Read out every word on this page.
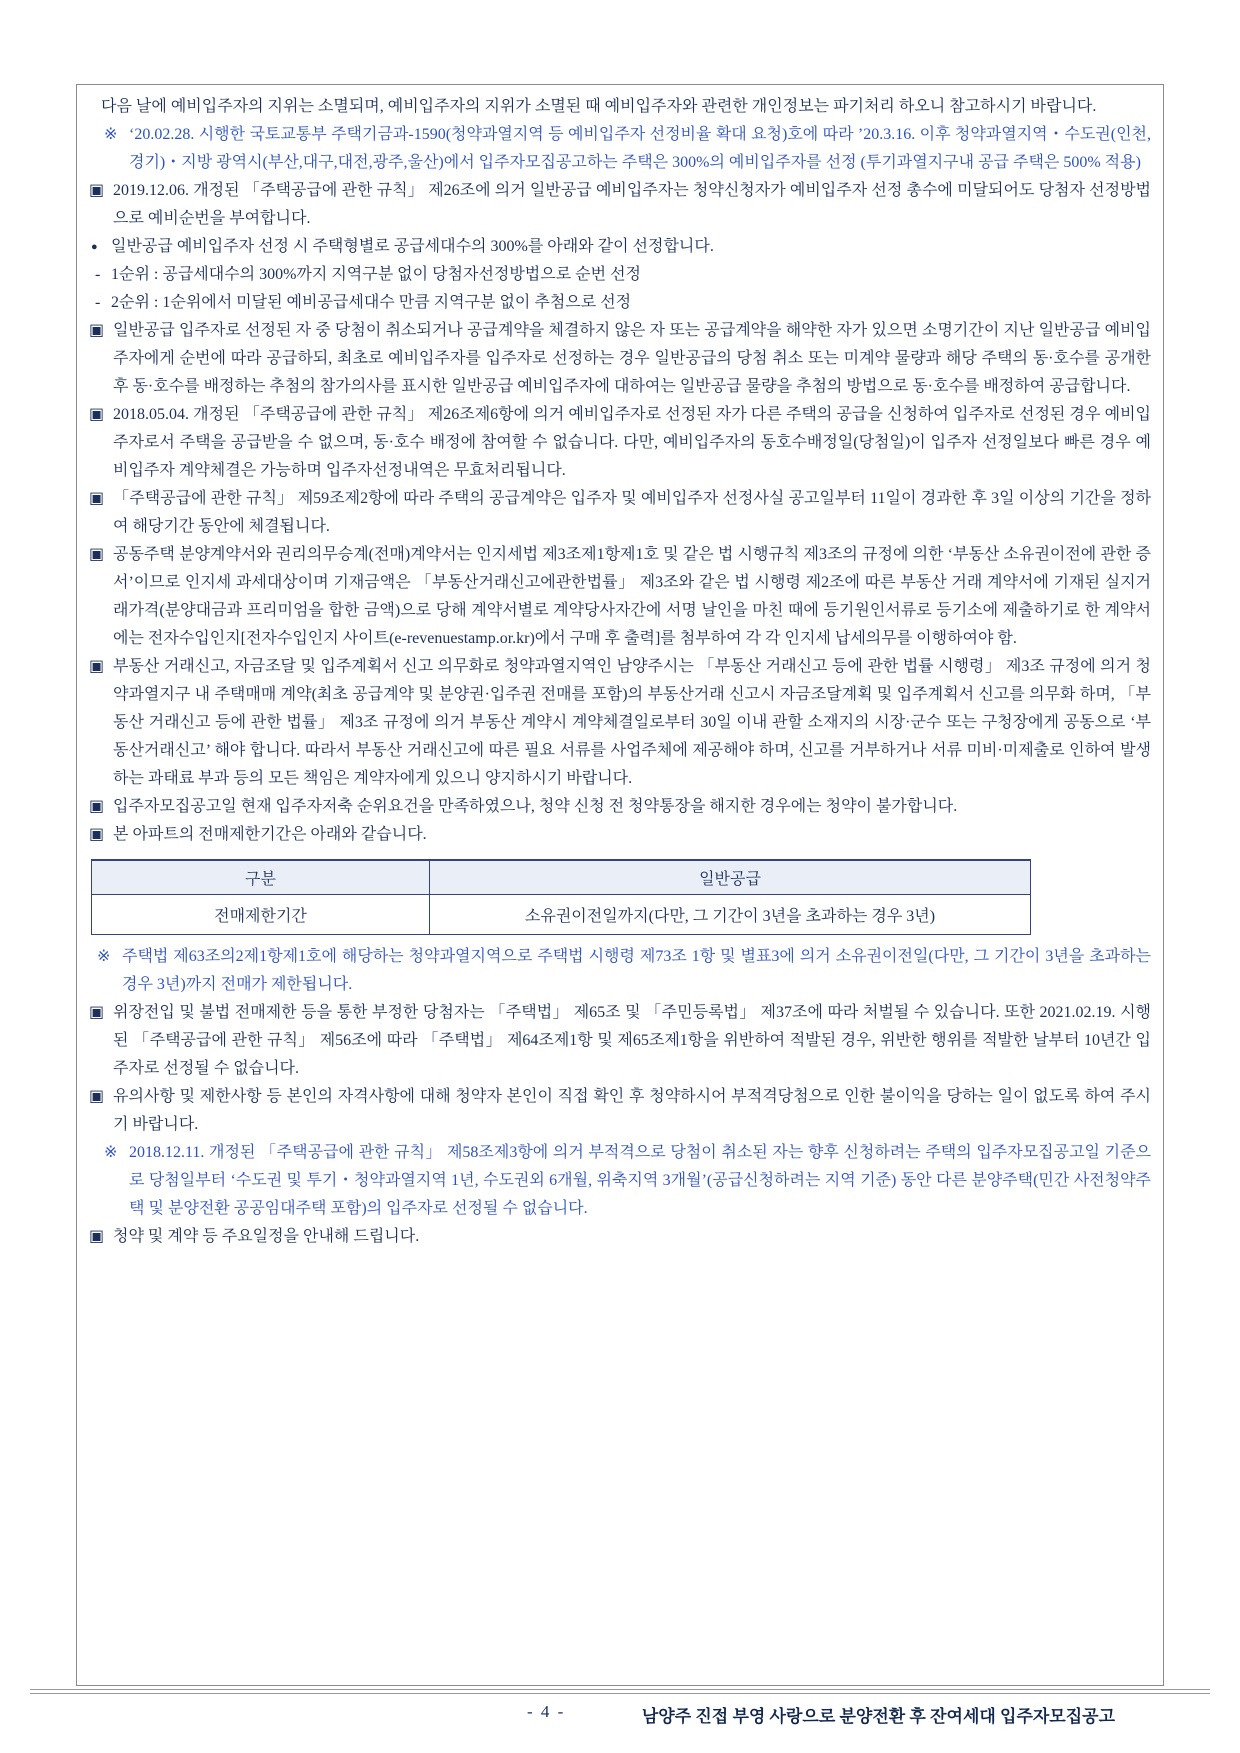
다음 날에 예비입주자의 지위는 소멸되며, 예비입주자의 지위가 소멸된 때 예비입주자와 관련한 개인정보는 파기처리 하오니 참고하시기 바랍니다.
※ ‘20.02.28. 시행한 국토교통부 주택기금과-1590(청약과열지역 등 예비입주자 선정비율 확대 요청)호에 따라 ’20.3.16. 이후 청약과열지역・수도권(인천, 경기)・지방 광역시(부산,대구,대전,광주,울산)에서 입주자모집공고하는 주택은 300%의 예비입주자를 선정 (투기과열지구내 공급 주택은 500% 적용)
▣ 2019.12.06. 개정된 「주택공급에 관한 규칙」 제26조에 의거 일반공급 예비입주자는 청약신청자가 예비입주자 선정 총수에 미달되어도 당첨자 선정방법으로 예비순번을 부여합니다.
● 일반공급 예비입주자 선정 시 주택형별로 공급세대수의 300%를 아래와 같이 선정합니다.
- 1순위 : 공급세대수의 300%까지 지역구분 없이 당첨자선정방법으로 순번 선정
- 2순위 : 1순위에서 미달된 예비공급세대수 만큼 지역구분 없이 추첨으로 선정
▣ 일반공급 입주자로 선정된 자 중 당첨이 취소되거나 공급계약을 체결하지 않은 자 또는 공급계약을 해약한 자가 있으면 소명기간이 지난 일반공급 예비입주자에게 순번에 따라 공급하되, 최초로 예비입주자를 입주자로 선정하는 경우 일반공급의 당첨 취소 또는 미계약 물량과 해당 주택의 동·호수를 공개한 후 동·호수를 배정하는 추첨의 참가의사를 표시한 일반공급 예비입주자에 대하여는 일반공급 물량을 추첨의 방법으로 동·호수를 배정하여 공급합니다.
▣ 2018.05.04. 개정된 「주택공급에 관한 규칙」 제26조제6항에 의거 예비입주자로 선정된 자가 다른 주택의 공급을 신청하여 입주자로 선정된 경우 예비입주자로서 주택을 공급받을 수 없으며, 동·호수 배정에 참여할 수 없습니다. 다만, 예비입주자의 동호수배정일(당첨일)이 입주자 선정일보다 빠른 경우 예비입주자 계약체결은 가능하며 입주자선정내역은 무효처리됩니다.
▣ 「주택공급에 관한 규칙」 제59조제2항에 따라 주택의 공급계약은 입주자 및 예비입주자 선정사실 공고일부터 11일이 경과한 후 3일 이상의 기간을 정하여 해당기간 동안에 체결됩니다.
▣ 공동주택 분양계약서와 권리의무승계(전매)계약서는 인지세법 제3조제1항제1호 및 같은 법 시행규칙 제3조의 규정에 의한 ‘부동산 소유권이전에 관한 증서’이므로 인지세 과세대상이며 기재금액은 「부동산거래신고에관한법률」 제3조와 같은 법 시행령 제2조에 따른 부동산 거래 계약서에 기재된 실지거래가격(분양대금과 프리미엄을 합한 금액)으로 당해 계약서별로 계약당사자간에 서명 날인을 마친 때에 등기원인서류로 등기소에 제출하기로 한 계약서에는 전자수입인지[전자수입인지 사이트(e-revenuestamp.or.kr)에서 구매 후 출력]를 첨부하여 각 각 인지세 납세의무를 이행하여야 함.
▣ 부동산 거래신고, 자금조달 및 입주계획서 신고 의무화로 청약과열지역인 남양주시는 「부동산 거래신고 등에 관한 법률 시행령」 제3조 규정에 의거 청약과열지구 내 주택매매 계약(최초 공급계약 및 분양권·입주권 전매를 포함)의 부동산거래 신고시 자금조달계획 및 입주계획서 신고를 의무화 하며, 「부동산 거래신고 등에 관한 법률」 제3조 규정에 의거 부동산 계약시 계약체결일로부터 30일 이내 관할 소재지의 시장·군수 또는 구청장에게 공동으로 ‘부동산거래신고’ 해야 합니다. 따라서 부동산 거래신고에 따른 필요 서류를 사업주체에 제공해야 하며, 신고를 거부하거나 서류 미비·미제출로 인하여 발생하는 과태료 부과 등의 모든 책임은 계약자에게 있으니 양지하시기 바랍니다.
▣ 입주자모집공고일 현재 입주자저축 순위요건을 만족하였으나, 청약 신청 전 청약통장을 해지한 경우에는 청약이 불가합니다.
▣ 본 아파트의 전매제한기간은 아래와 같습니다.
구분	일반공급
전매제한기간	소유권이전일까지(다만, 그 기간이 3년을 초과하는 경우 3년)
※ 주택법 제63조의2제1항제1호에 해당하는 청약과열지역으로 주택법 시행령 제73조 1항 및 별표3에 의거 소유권이전일(다만, 그 기간이 3년을 초과하는 경우 3년)까지 전매가 제한됩니다.
▣ 위장전입 및 불법 전매제한 등을 통한 부정한 당첨자는 「주택법」 제65조 및 「주민등록법」 제37조에 따라 처벌될 수 있습니다. 또한 2021.02.19. 시행된 「주택공급에 관한 규칙」 제56조에 따라 「주택법」 제64조제1항 및 제65조제1항을 위반하여 적발된 경우, 위반한 행위를 적발한 날부터 10년간 입주자로 선정될 수 없습니다.
▣ 유의사항 및 제한사항 등 본인의 자격사항에 대해 청약자 본인이 직접 확인 후 청약하시어 부적격당첨으로 인한 불이익을 당하는 일이 없도록 하여 주시기 바랍니다.
※ 2018.12.11. 개정된 「주택공급에 관한 규칙」 제58조제3항에 의거 부적격으로 당첨이 취소된 자는 향후 신청하려는 주택의 입주자모집공고일 기준으로 당첨일부터 ‘수도권 및 투기・청약과열지역 1년, 수도권외 6개월, 위축지역 3개월’(공급신청하려는 지역 기준) 동안 다른 분양주택(민간 사전청약주택 및 분양전환 공공임대주택 포함)의 입주자로 선정될 수 없습니다.
▣ 청약 및 계약 등 주요일정을 안내해 드립니다.
- 4 -	남양주 진접 부영 사랑으로 분양전환 후 잔여세대 입주자모집공고
